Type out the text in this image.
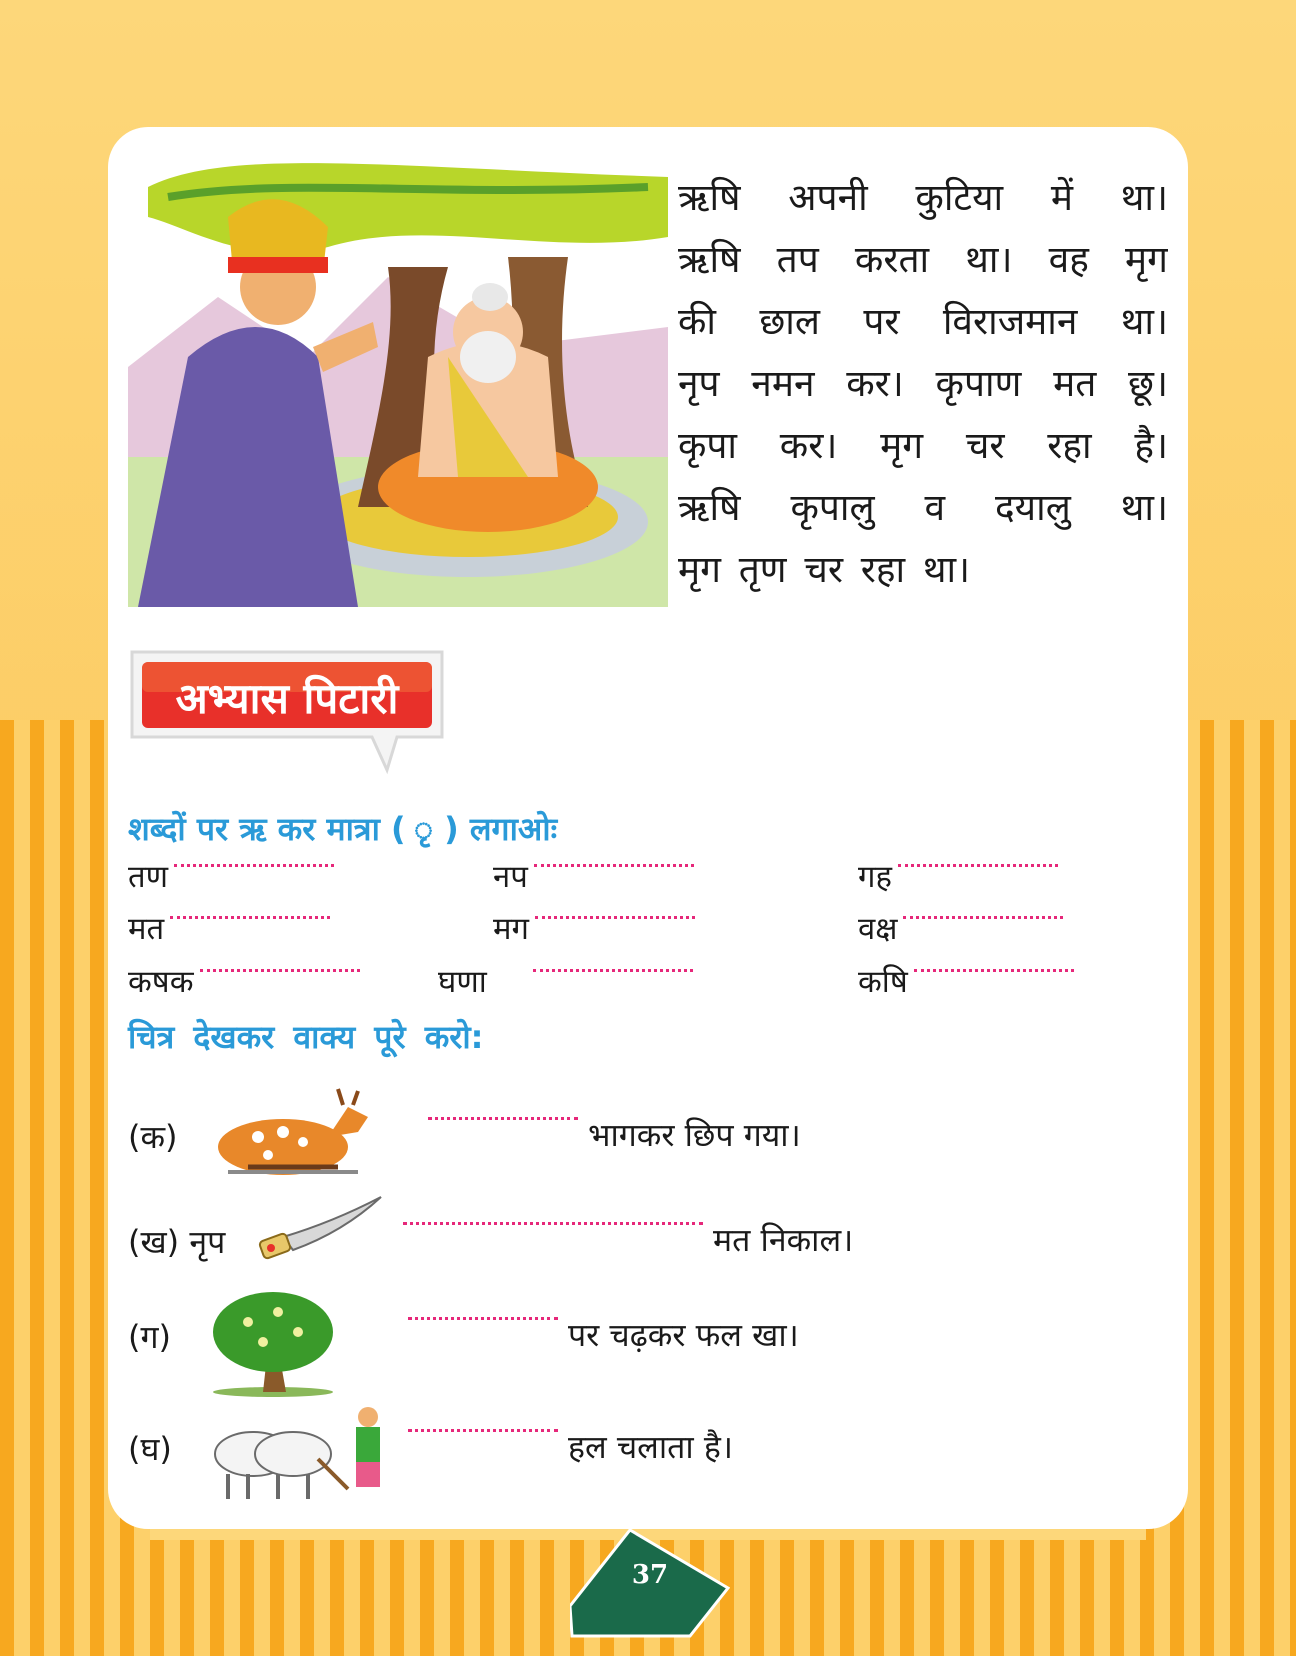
ऋषि अपनी कुटिया में था।
ऋषि तप करता था। वह मृग
की छाल पर विराजमान था।
नृप नमन कर। कृपाण मत छू।
कृपा कर। मृग चर रहा है।
ऋषि कृपालु व दयालु था।
मृग तृण चर रहा था।
अभ्यास पिटारी
शब्दों पर ऋ कर मात्रा ( ृ ) लगाओः
तण	नप	गह
मत	मग	वक्ष
कषक	घणा	कषि
चित्र देखकर वाक्य पूरे करो:
(क)	भागकर छिप गया।
(ख) नृप	मत निकाल।
(ग)	पर चढ़कर फल खा।
(घ)	हल चलाता है।
37
